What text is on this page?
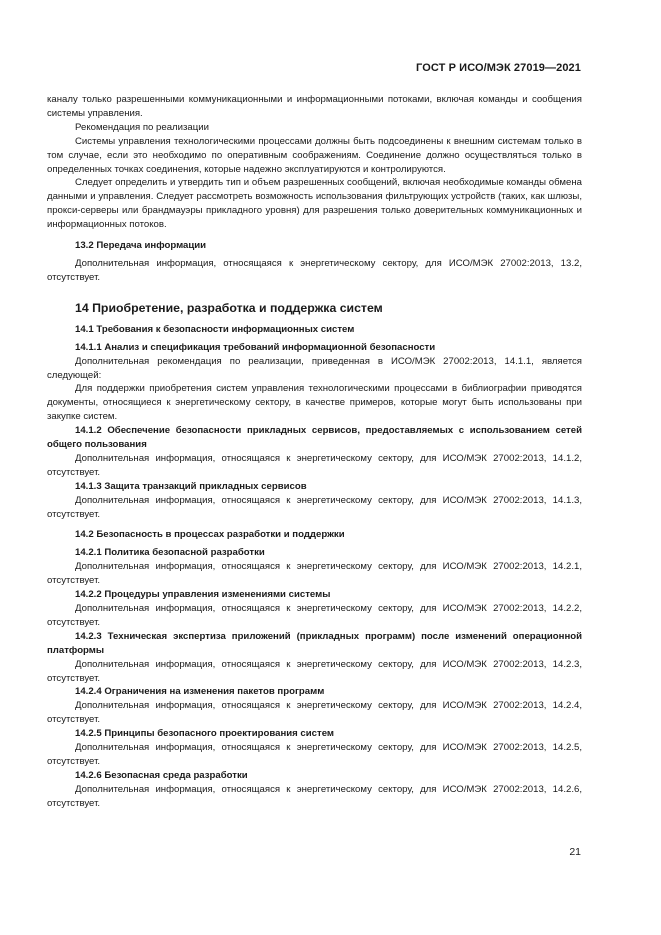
ГОСТ Р ИСО/МЭК 27019—2021

каналу только разрешенными коммуникационными и информационными потоками, включая команды и сообщения системы управления.

Рекомендация по реализации

Системы управления технологическими процессами должны быть подсоединены к внешним системам только в том случае, если это необходимо по оперативным соображениям. Соединение должно осуществляться только в определенных точках соединения, которые надежно эксплуатируются и контролируются.

Следует определить и утвердить тип и объем разрешенных сообщений, включая необходимые команды обмена данными и управления. Следует рассмотреть возможность использования фильтрующих устройств (таких, как шлюзы, прокси-серверы или брандмауэры прикладного уровня) для разрешения только доверительных коммуникационных и информационных потоков.

13.2 Передача информации

Дополнительная информация, относящаяся к энергетическому сектору, для ИСО/МЭК 27002:2013, 13.2, отсутствует.

14 Приобретение, разработка и поддержка систем

14.1 Требования к безопасности информационных систем

14.1.1 Анализ и спецификация требований информационной безопасности

Дополнительная рекомендация по реализации, приведенная в ИСО/МЭК 27002:2013, 14.1.1, является следующей:

Для поддержки приобретения систем управления технологическими процессами в библиографии приводятся документы, относящиеся к энергетическому сектору, в качестве примеров, которые могут быть использованы при закупке систем.

14.1.2 Обеспечение безопасности прикладных сервисов, предоставляемых с использованием сетей общего пользования

Дополнительная информация, относящаяся к энергетическому сектору, для ИСО/МЭК 27002:2013, 14.1.2, отсутствует.

14.1.3 Защита транзакций прикладных сервисов

Дополнительная информация, относящаяся к энергетическому сектору, для ИСО/МЭК 27002:2013, 14.1.3, отсутствует.

14.2 Безопасность в процессах разработки и поддержки

14.2.1 Политика безопасной разработки

Дополнительная информация, относящаяся к энергетическому сектору, для ИСО/МЭК 27002:2013, 14.2.1, отсутствует.

14.2.2 Процедуры управления изменениями системы

Дополнительная информация, относящаяся к энергетическому сектору, для ИСО/МЭК 27002:2013, 14.2.2, отсутствует.

14.2.3 Техническая экспертиза приложений (прикладных программ) после изменений операционной платформы

Дополнительная информация, относящаяся к энергетическому сектору, для ИСО/МЭК 27002:2013, 14.2.3, отсутствует.

14.2.4 Ограничения на изменения пакетов программ

Дополнительная информация, относящаяся к энергетическому сектору, для ИСО/МЭК 27002:2013, 14.2.4, отсутствует.

14.2.5 Принципы безопасного проектирования систем

Дополнительная информация, относящаяся к энергетическому сектору, для ИСО/МЭК 27002:2013, 14.2.5, отсутствует.

14.2.6 Безопасная среда разработки

Дополнительная информация, относящаяся к энергетическому сектору, для ИСО/МЭК 27002:2013, 14.2.6, отсутствует.

21
